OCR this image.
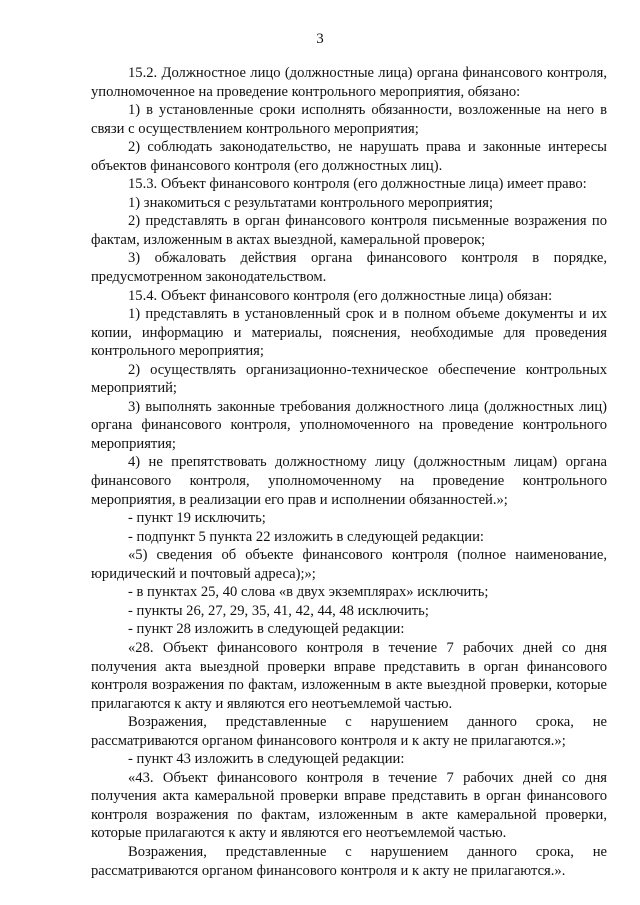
3

15.2. Должностное лицо (должностные лица) органа финансового контроля, уполномоченное на проведение контрольного мероприятия, обязано:

1) в установленные сроки исполнять обязанности, возложенные на него в связи с осуществлением контрольного мероприятия;

2) соблюдать законодательство, не нарушать права и законные интересы объектов финансового контроля (его должностных лиц).

15.3. Объект финансового контроля (его должностные лица) имеет право:

1) знакомиться с результатами контрольного мероприятия;

2) представлять в орган финансового контроля письменные возражения по фактам, изложенным в актах выездной, камеральной проверок;

3) обжаловать действия органа финансового контроля в порядке, предусмотренном законодательством.

15.4. Объект финансового контроля (его должностные лица) обязан:

1) представлять в установленный срок и в полном объеме документы и их копии, информацию и материалы, пояснения, необходимые для проведения контрольного мероприятия;

2) осуществлять организационно-техническое обеспечение контрольных мероприятий;

3) выполнять законные требования должностного лица (должностных лиц) органа финансового контроля, уполномоченного на проведение контрольного мероприятия;

4) не препятствовать должностному лицу (должностным лицам) органа финансового контроля, уполномоченному на проведение контрольного мероприятия, в реализации его прав и исполнении обязанностей.»;

- пункт 19 исключить;

- подпункт 5 пункта 22 изложить в следующей редакции:

«5) сведения об объекте финансового контроля (полное наименование, юридический и почтовый адреса);»;

- в пунктах 25, 40 слова «в двух экземплярах» исключить;

- пункты 26, 27, 29, 35, 41, 42, 44, 48 исключить;

- пункт 28 изложить в следующей редакции:

«28. Объект финансового контроля в течение 7 рабочих дней со дня получения акта выездной проверки вправе представить в орган финансового контроля возражения по фактам, изложенным в акте выездной проверки, которые прилагаются к акту и являются его неотъемлемой частью.

Возражения, представленные с нарушением данного срока, не рассматриваются органом финансового контроля и к акту не прилагаются.»;

- пункт 43 изложить в следующей редакции:

«43. Объект финансового контроля в течение 7 рабочих дней со дня получения акта камеральной проверки вправе представить в орган финансового контроля возражения по фактам, изложенным в акте камеральной проверки, которые прилагаются к акту и являются его неотъемлемой частью.

Возражения, представленные с нарушением данного срока, не рассматриваются органом финансового контроля и к акту не прилагаются.».
